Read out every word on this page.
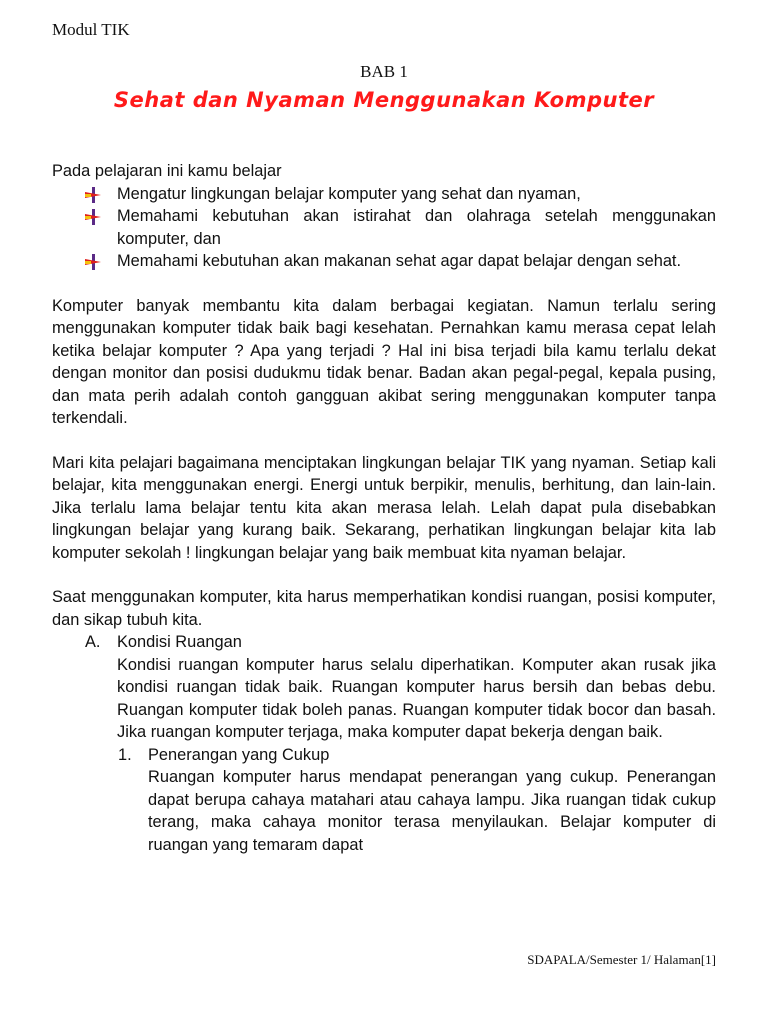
Modul TIK
BAB 1
Sehat dan Nyaman Menggunakan Komputer

Pada pelajaran ini kamu belajar

Mengatur lingkungan belajar komputer yang sehat dan nyaman,
Memahami kebutuhan akan istirahat dan olahraga setelah menggunakan komputer, dan
Memahami kebutuhan akan makanan sehat agar dapat belajar dengan sehat.

Komputer banyak membantu kita dalam berbagai kegiatan. Namun terlalu sering menggunakan komputer tidak baik bagi kesehatan. Pernahkan kamu merasa cepat lelah ketika belajar komputer ? Apa yang terjadi ? Hal ini bisa terjadi bila kamu terlalu dekat dengan monitor dan posisi dudukmu tidak benar. Badan akan pegal-pegal, kepala pusing, dan mata perih adalah contoh gangguan akibat sering menggunakan komputer tanpa terkendali.

Mari kita pelajari bagaimana menciptakan lingkungan belajar TIK yang nyaman. Setiap kali belajar, kita menggunakan energi. Energi untuk berpikir, menulis, berhitung, dan lain-lain. Jika terlalu lama belajar tentu kita akan merasa lelah. Lelah dapat pula disebabkan lingkungan belajar yang kurang baik. Sekarang, perhatikan lingkungan belajar kita lab komputer sekolah ! lingkungan belajar yang baik membuat kita nyaman belajar.

Saat menggunakan komputer, kita harus memperhatikan kondisi ruangan, posisi komputer, dan sikap tubuh kita.

A. Kondisi Ruangan

Kondisi ruangan komputer harus selalu diperhatikan. Komputer akan rusak jika kondisi ruangan tidak baik. Ruangan komputer harus bersih dan bebas debu. Ruangan komputer tidak boleh panas. Ruangan komputer tidak bocor dan basah. Jika ruangan komputer terjaga, maka komputer dapat bekerja dengan baik.

1. Penerangan yang Cukup

Ruangan komputer harus mendapat penerangan yang cukup. Penerangan dapat berupa cahaya matahari atau cahaya lampu. Jika ruangan tidak cukup terang, maka cahaya monitor terasa menyilaukan. Belajar komputer di ruangan yang temaram dapat

SDAPALA/Semester 1/ Halaman[1]
